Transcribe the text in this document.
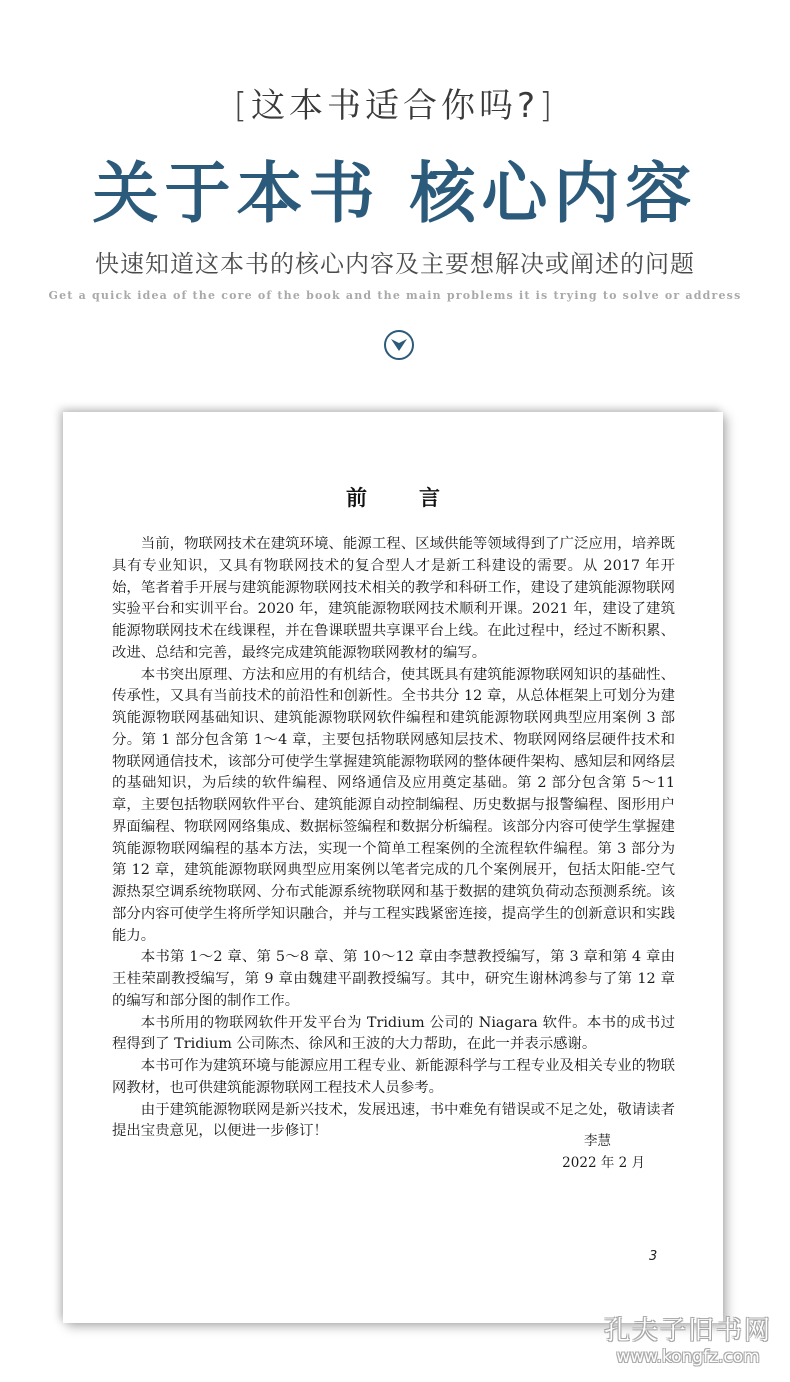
[这本书适合你吗?]
关于本书 核心内容
快速知道这本书的核心内容及主要想解决或阐述的问题
Get a quick idea of the core of the book and the main problems it is trying to solve or address
前 言

当前，物联网技术在建筑环境、能源工程、区域供能等领域得到了广泛应用，培养既具有专业知识，又具有物联网技术的复合型人才是新工科建设的需要。从 2017 年开始，笔者着手开展与建筑能源物联网技术相关的教学和科研工作，建设了建筑能源物联网实验平台和实训平台。2020 年，建筑能源物联网技术顺利开课。2021 年，建设了建筑能源物联网技术在线课程，并在鲁课联盟共享课平台上线。在此过程中，经过不断积累、改进、总结和完善，最终完成建筑能源物联网教材的编写。

本书突出原理、方法和应用的有机结合，使其既具有建筑能源物联网知识的基础性、传承性，又具有当前技术的前沿性和创新性。全书共分 12 章，从总体框架上可划分为建筑能源物联网基础知识、建筑能源物联网软件编程和建筑能源物联网典型应用案例 3 部分。第 1 部分包含第 1～4 章，主要包括物联网感知层技术、物联网网络层硬件技术和物联网通信技术，该部分可使学生掌握建筑能源物联网的整体硬件架构、感知层和网络层的基础知识，为后续的软件编程、网络通信及应用奠定基础。第 2 部分包含第 5～11 章，主要包括物联网软件平台、建筑能源自动控制编程、历史数据与报警编程、图形用户界面编程、物联网网络集成、数据标签编程和数据分析编程。该部分内容可使学生掌握建筑能源物联网编程的基本方法，实现一个简单工程案例的全流程软件编程。第 3 部分为第 12 章，建筑能源物联网典型应用案例以笔者完成的几个案例展开，包括太阳能-空气源热泵空调系统物联网、分布式能源系统物联网和基于数据的建筑负荷动态预测系统。该部分内容可使学生将所学知识融合，并与工程实践紧密连接，提高学生的创新意识和实践能力。

本书第 1～2 章、第 5～8 章、第 10～12 章由李慧教授编写，第 3 章和第 4 章由王桂荣副教授编写，第 9 章由魏建平副教授编写。其中，研究生谢林鸿参与了第 12 章的编写和部分图的制作工作。

本书所用的物联网软件开发平台为 Tridium 公司的 Niagara 软件。本书的成书过程得到了 Tridium 公司陈杰、徐风和王波的大力帮助，在此一并表示感谢。

本书可作为建筑环境与能源应用工程专业、新能源科学与工程专业及相关专业的物联网教材，也可供建筑能源物联网工程技术人员参考。

由于建筑能源物联网是新兴技术，发展迅速，书中难免有错误或不足之处，敬请读者提出宝贵意见，以便进一步修订！

李慧
2022 年 2 月
3
孔夫子旧书网
www.kongfz.com
